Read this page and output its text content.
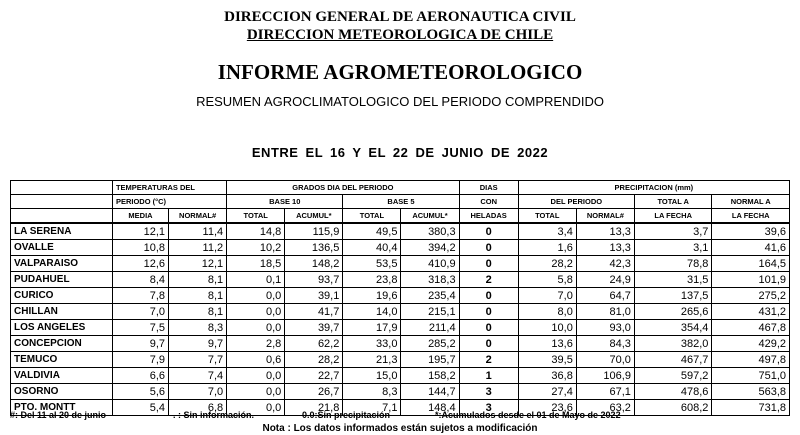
DIRECCION GENERAL DE AERONAUTICA CIVIL
DIRECCION METEOROLOGICA DE CHILE
INFORME AGROMETEOROLOGICO
RESUMEN AGROCLIMATOLOGICO DEL PERIODO COMPRENDIDO
ENTRE EL 16 Y EL 22 DE JUNIO DE 2022
	TEMPERATURAS DEL		GRADOS DIA DEL PERIODO				DIAS	PRECIPITACION (mm)			
	PERIODO (°C)		BASE 10		BASE 5		CON	DEL PERIODO		TOTAL A	NORMAL A
	MEDIA	NORMAL#	TOTAL	ACUMUL*	TOTAL	ACUMUL*	HELADAS	TOTAL	NORMAL#	LA FECHA	LA FECHA
LA SERENA	12,1	11,4	14,8	115,9	49,5	380,3	0	3,4	13,3	3,7	39,6
OVALLE	10,8	11,2	10,2	136,5	40,4	394,2	0	1,6	13,3	3,1	41,6
VALPARAISO	12,6	12,1	18,5	148,2	53,5	410,9	0	28,2	42,3	78,8	164,5
PUDAHUEL	8,4	8,1	0,1	93,7	23,8	318,3	2	5,8	24,9	31,5	101,9
CURICO	7,8	8,1	0,0	39,1	19,6	235,4	0	7,0	64,7	137,5	275,2
CHILLAN	7,0	8,1	0,0	41,7	14,0	215,1	0	8,0	81,0	265,6	431,2
LOS ANGELES	7,5	8,3	0,0	39,7	17,9	211,4	0	10,0	93,0	354,4	467,8
CONCEPCION	9,7	9,7	2,8	62,2	33,0	285,2	0	13,6	84,3	382,0	429,2
TEMUCO	7,9	7,7	0,6	28,2	21,3	195,7	2	39,5	70,0	467,7	497,8
VALDIVIA	6,6	7,4	0,0	22,7	15,0	158,2	1	36,8	106,9	597,2	751,0
OSORNO	5,6	7,0	0,0	26,7	8,3	144,7	3	27,4	67,1	478,6	563,8
PTO. MONTT	5,4	6,8	0,0	21,8	7,1	148,4	3	23,6	63,2	608,2	731,8
#: Del 11 al 20 de junio	. : Sin información.	0.0:Sin precipitación	*:Acumulados desde el 01 de Mayo de 2022
Nota : Los datos informados están sujetos a modificación
